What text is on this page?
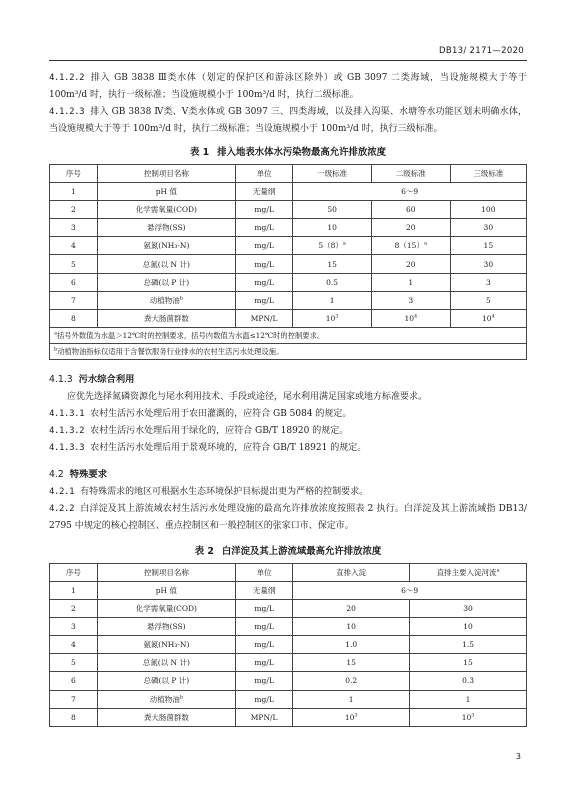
DB13/ 2171—2020

4.1.2.2 排入 GB 3838 Ⅲ类水体（划定的保护区和游泳区除外）或 GB 3097 二类海域，当设施规模大于等于 100m³/d 时，执行一级标准；当设施规模小于 100m³/d 时，执行二级标准。

4.1.2.3 排入 GB 3838 Ⅳ类、Ⅴ类水体或 GB 3097 三、四类海域，以及排入沟渠、水塘等水功能区划未明确水体，当设施规模大于等于 100m³/d 时，执行二级标准；当设施规模小于 100m³/d 时，执行三级标准。

表 1 排入地表水体水污染物最高允许排放浓度

序号	控制项目名称	单位	一级标准	二级标准	三级标准
1	pH 值	无量纲	6～9		
2	化学需氧量(COD)	mg/L	50	60	100
3	悬浮物(SS)	mg/L	10	20	30
4	氨氮(NH₃-N)	mg/L	$5(8)^a$	$8(15)^a$	15
5	总氮(以 N 计)	mg/L	15	20	30
6	总磷(以 P 计)	mg/L	0.5	1	3
7	动植物油$^b$	mg/L	1	3	5
8	粪大肠菌群数	MPN/L	$10^3$	$10^4$	$10^4$

$^a$括号外数值为水温＞12℃时的控制要求，括号内数值为水温≤12℃时的控制要求。
$^b$动植物油指标仅适用于含餐饮服务行业排水的农村生活污水处理设施。					

4.1.3 污水综合利用

应优先选择氮磷资源化与尾水利用技术、手段或途径，尾水利用满足国家或地方标准要求。

4.1.3.1 农村生活污水处理后用于农田灌溉的，应符合 GB 5084 的规定。

4.1.3.2 农村生活污水处理后用于绿化的，应符合 GB/T 18920 的规定。

4.1.3.3 农村生活污水处理后用于景观环境的，应符合 GB/T 18921 的规定。

4.2 特殊要求

4.2.1 有特殊需求的地区可根据水生态环境保护目标提出更为严格的控制要求。

4.2.2 白洋淀及其上游流域农村生活污水处理设施的最高允许排放浓度按照表 2 执行。白洋淀及其上游流域指 DB13/ 2795 中规定的核心控制区、重点控制区和一般控制区的张家口市、保定市。

表 2 白洋淀及其上游流域最高允许排放浓度

序号	控制项目名称	单位	直排入淀	直排主要入淀河流$^a$
1	pH 值	无量纲	6～9	
2	化学需氧量(COD)	mg/L	20	30
3	悬浮物(SS)	mg/L	10	10
4	氨氮(NH₃-N)	mg/L	1.0	1.5
5	总氮(以 N 计)	mg/L	15	15
6	总磷(以 P 计)	mg/L	0.2	0.3
7	动植物油$^b$	mg/L	1	1
8	粪大肠菌群数	MPN/L	$10^3$	$10^3$
3
